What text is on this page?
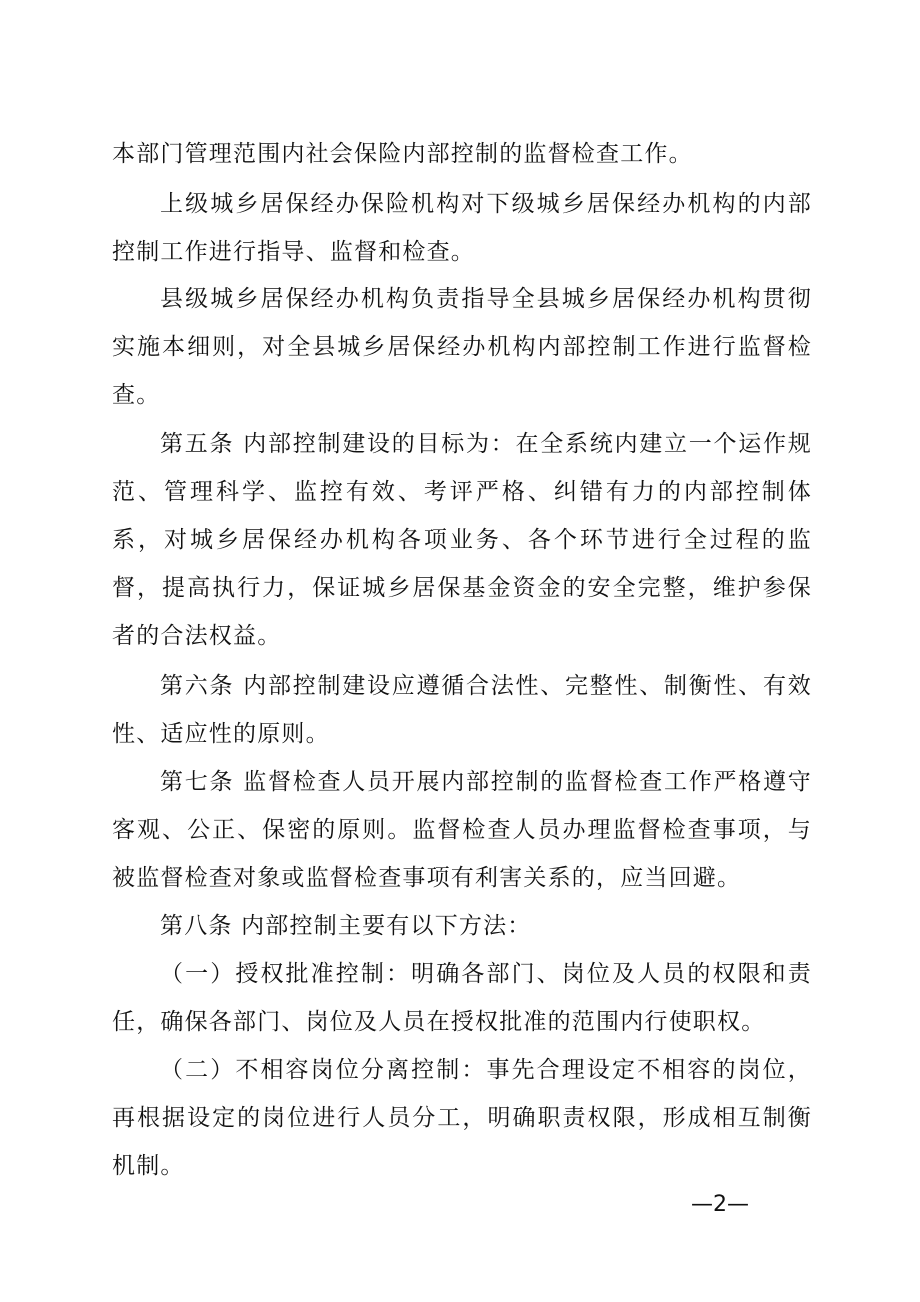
本部门管理范围内社会保险内部控制的监督检查工作。

上级城乡居保经办保险机构对下级城乡居保经办机构的内部控制工作进行指导、监督和检查。

县级城乡居保经办机构负责指导全县城乡居保经办机构贯彻实施本细则，对全县城乡居保经办机构内部控制工作进行监督检查。

第五条 内部控制建设的目标为：在全系统内建立一个运作规范、管理科学、监控有效、考评严格、纠错有力的内部控制体系，对城乡居保经办机构各项业务、各个环节进行全过程的监督，提高执行力，保证城乡居保基金资金的安全完整，维护参保者的合法权益。

第六条 内部控制建设应遵循合法性、完整性、制衡性、有效性、适应性的原则。

第七条 监督检查人员开展内部控制的监督检查工作严格遵守客观、公正、保密的原则。监督检查人员办理监督检查事项，与被监督检查对象或监督检查事项有利害关系的，应当回避。

第八条 内部控制主要有以下方法：

（一）授权批准控制：明确各部门、岗位及人员的权限和责任，确保各部门、岗位及人员在授权批准的范围内行使职权。

（二）不相容岗位分离控制：事先合理设定不相容的岗位，再根据设定的岗位进行人员分工，明确职责权限，形成相互制衡机制。

—2—
